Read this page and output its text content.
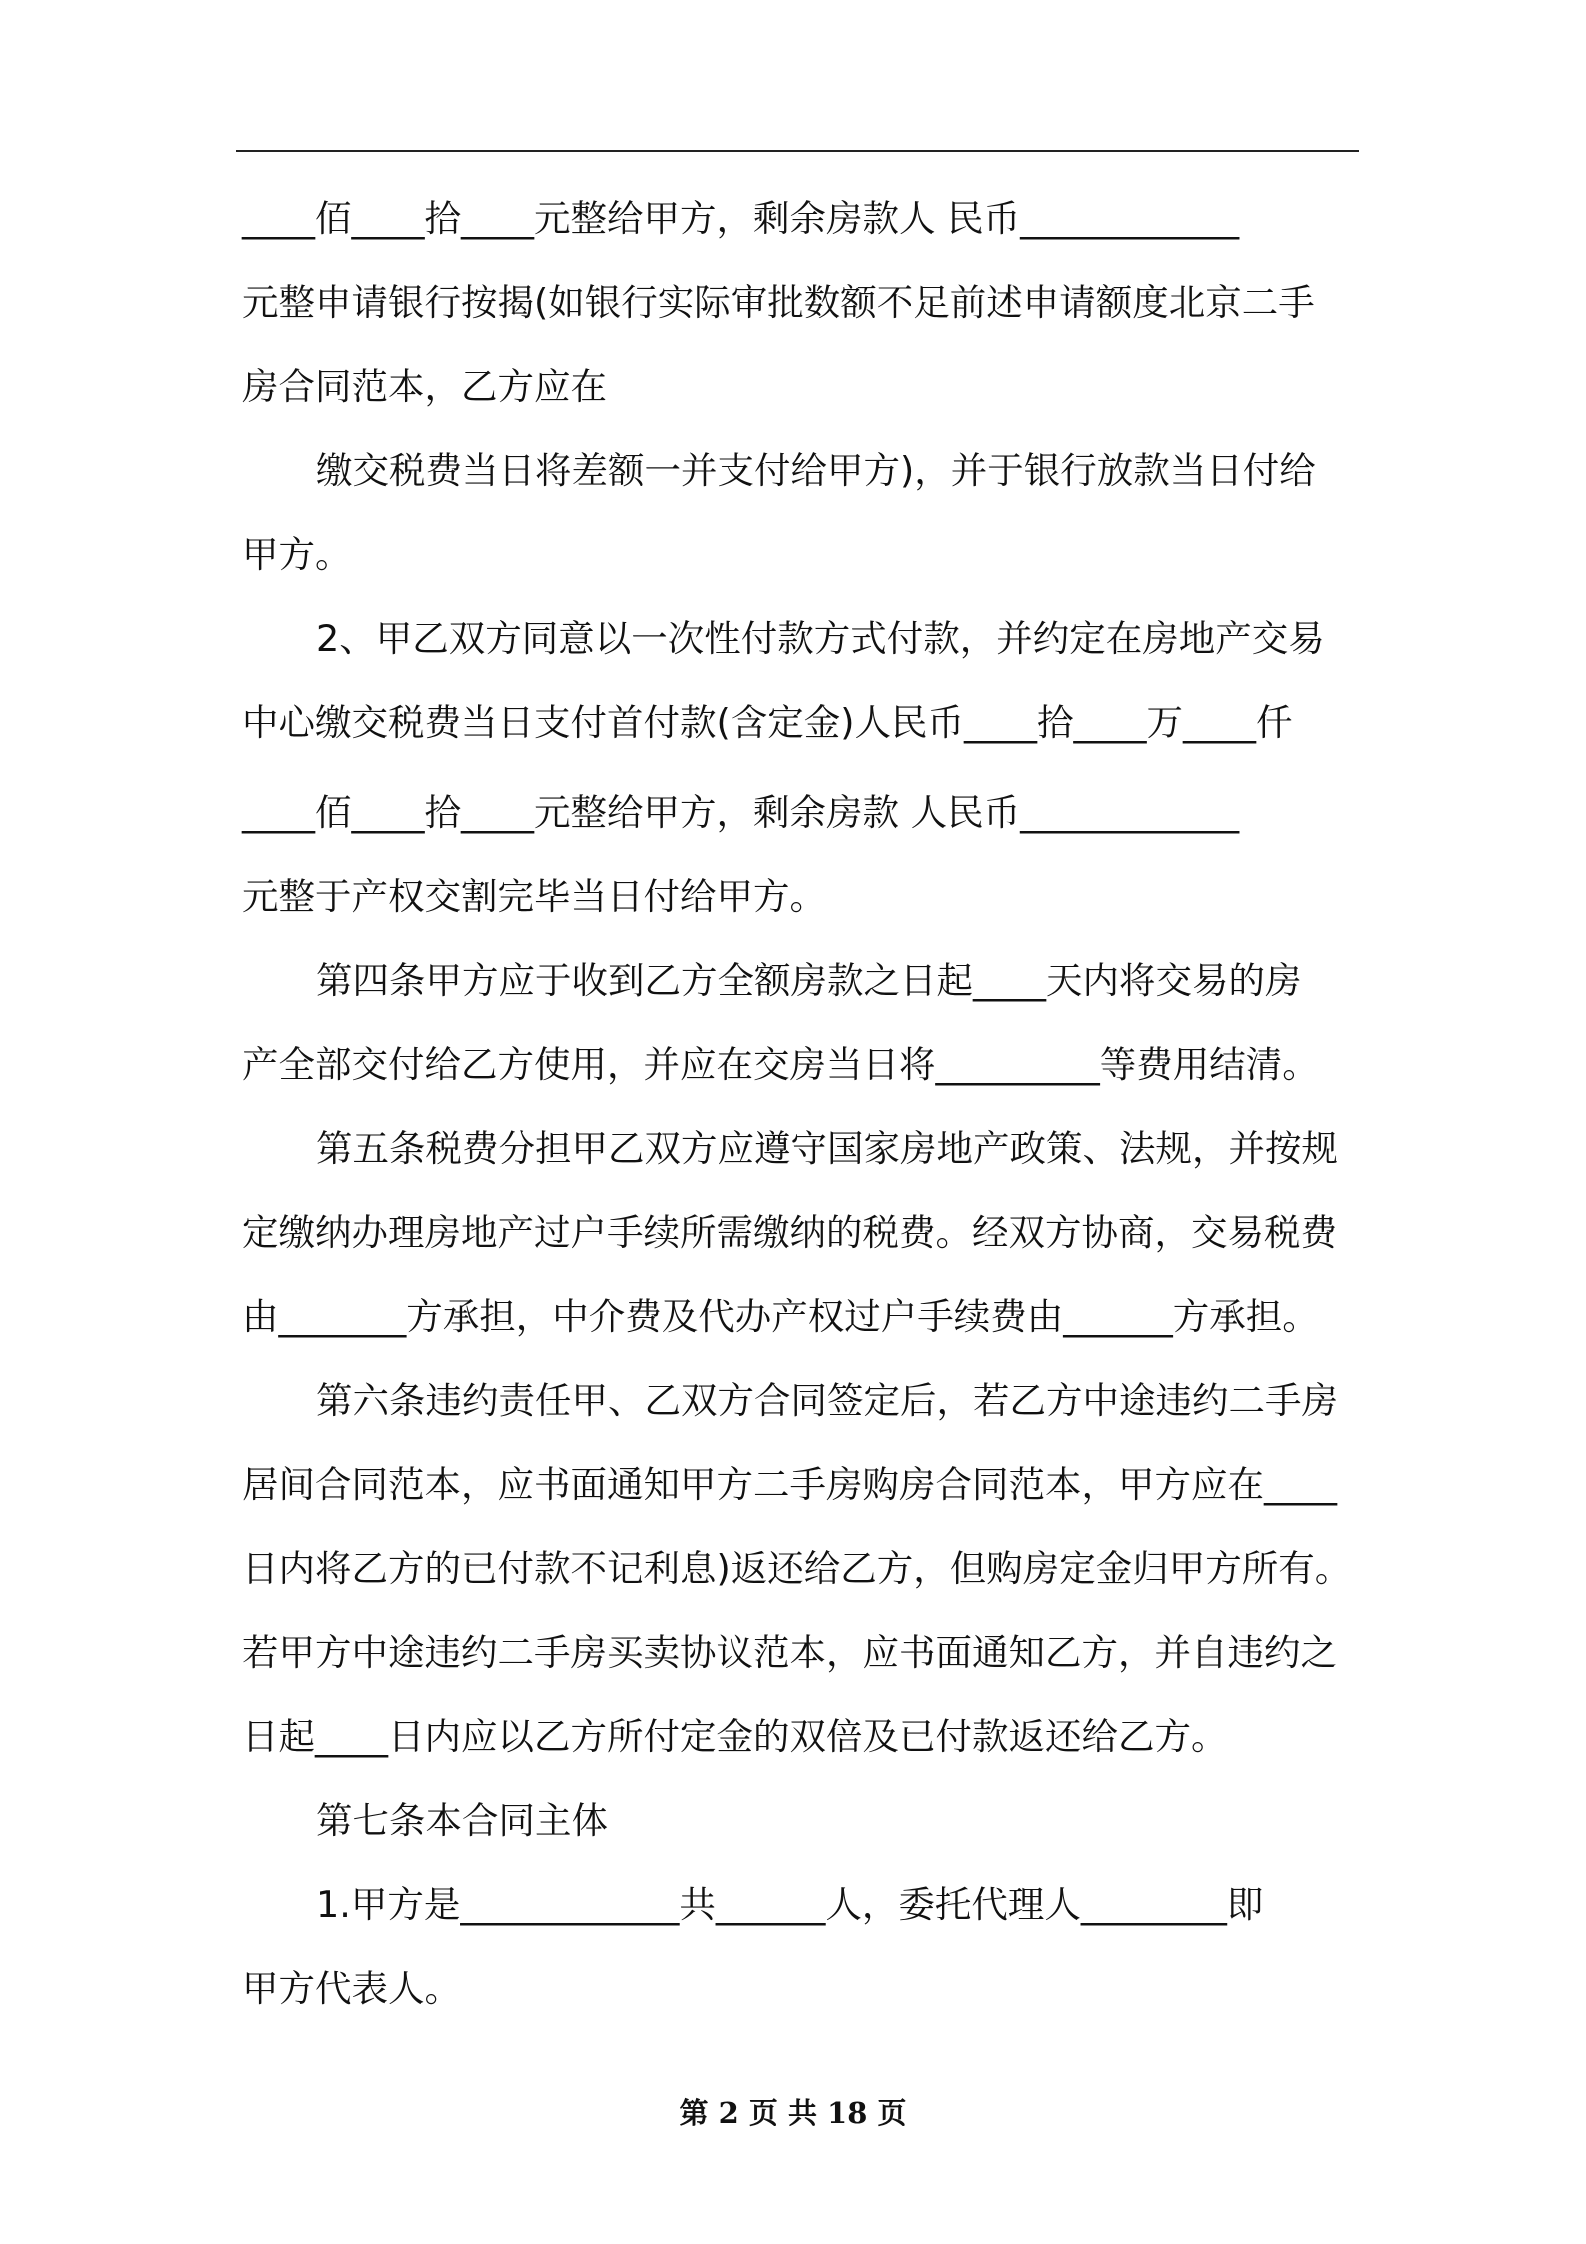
____佰____拾____元整给甲方，剩余房款人 民币____________
元整申请银行按揭(如银行实际审批数额不足前述申请额度北京二手
房合同范本，乙方应在
缴交税费当日将差额一并支付给甲方)，并于银行放款当日付给
甲方。
2、甲乙双方同意以一次性付款方式付款，并约定在房地产交易
中心缴交税费当日支付首付款(含定金)人民币____拾____万____仟
____佰____拾____元整给甲方，剩余房款 人民币____________
元整于产权交割完毕当日付给甲方。
第四条甲方应于收到乙方全额房款之日起____天内将交易的房
产全部交付给乙方使用，并应在交房当日将_________等费用结清。
第五条税费分担甲乙双方应遵守国家房地产政策、法规，并按规
定缴纳办理房地产过户手续所需缴纳的税费。经双方协商，交易税费
由_______方承担，中介费及代办产权过户手续费由______方承担。
第六条违约责任甲、乙双方合同签定后，若乙方中途违约二手房
居间合同范本，应书面通知甲方二手房购房合同范本，甲方应在____
日内将乙方的已付款不记利息)返还给乙方，但购房定金归甲方所有。
若甲方中途违约二手房买卖协议范本，应书面通知乙方，并自违约之
日起____日内应以乙方所付定金的双倍及已付款返还给乙方。
第七条本合同主体
1.甲方是____________共______人，委托代理人________即
甲方代表人。
第 2 页 共 18 页
